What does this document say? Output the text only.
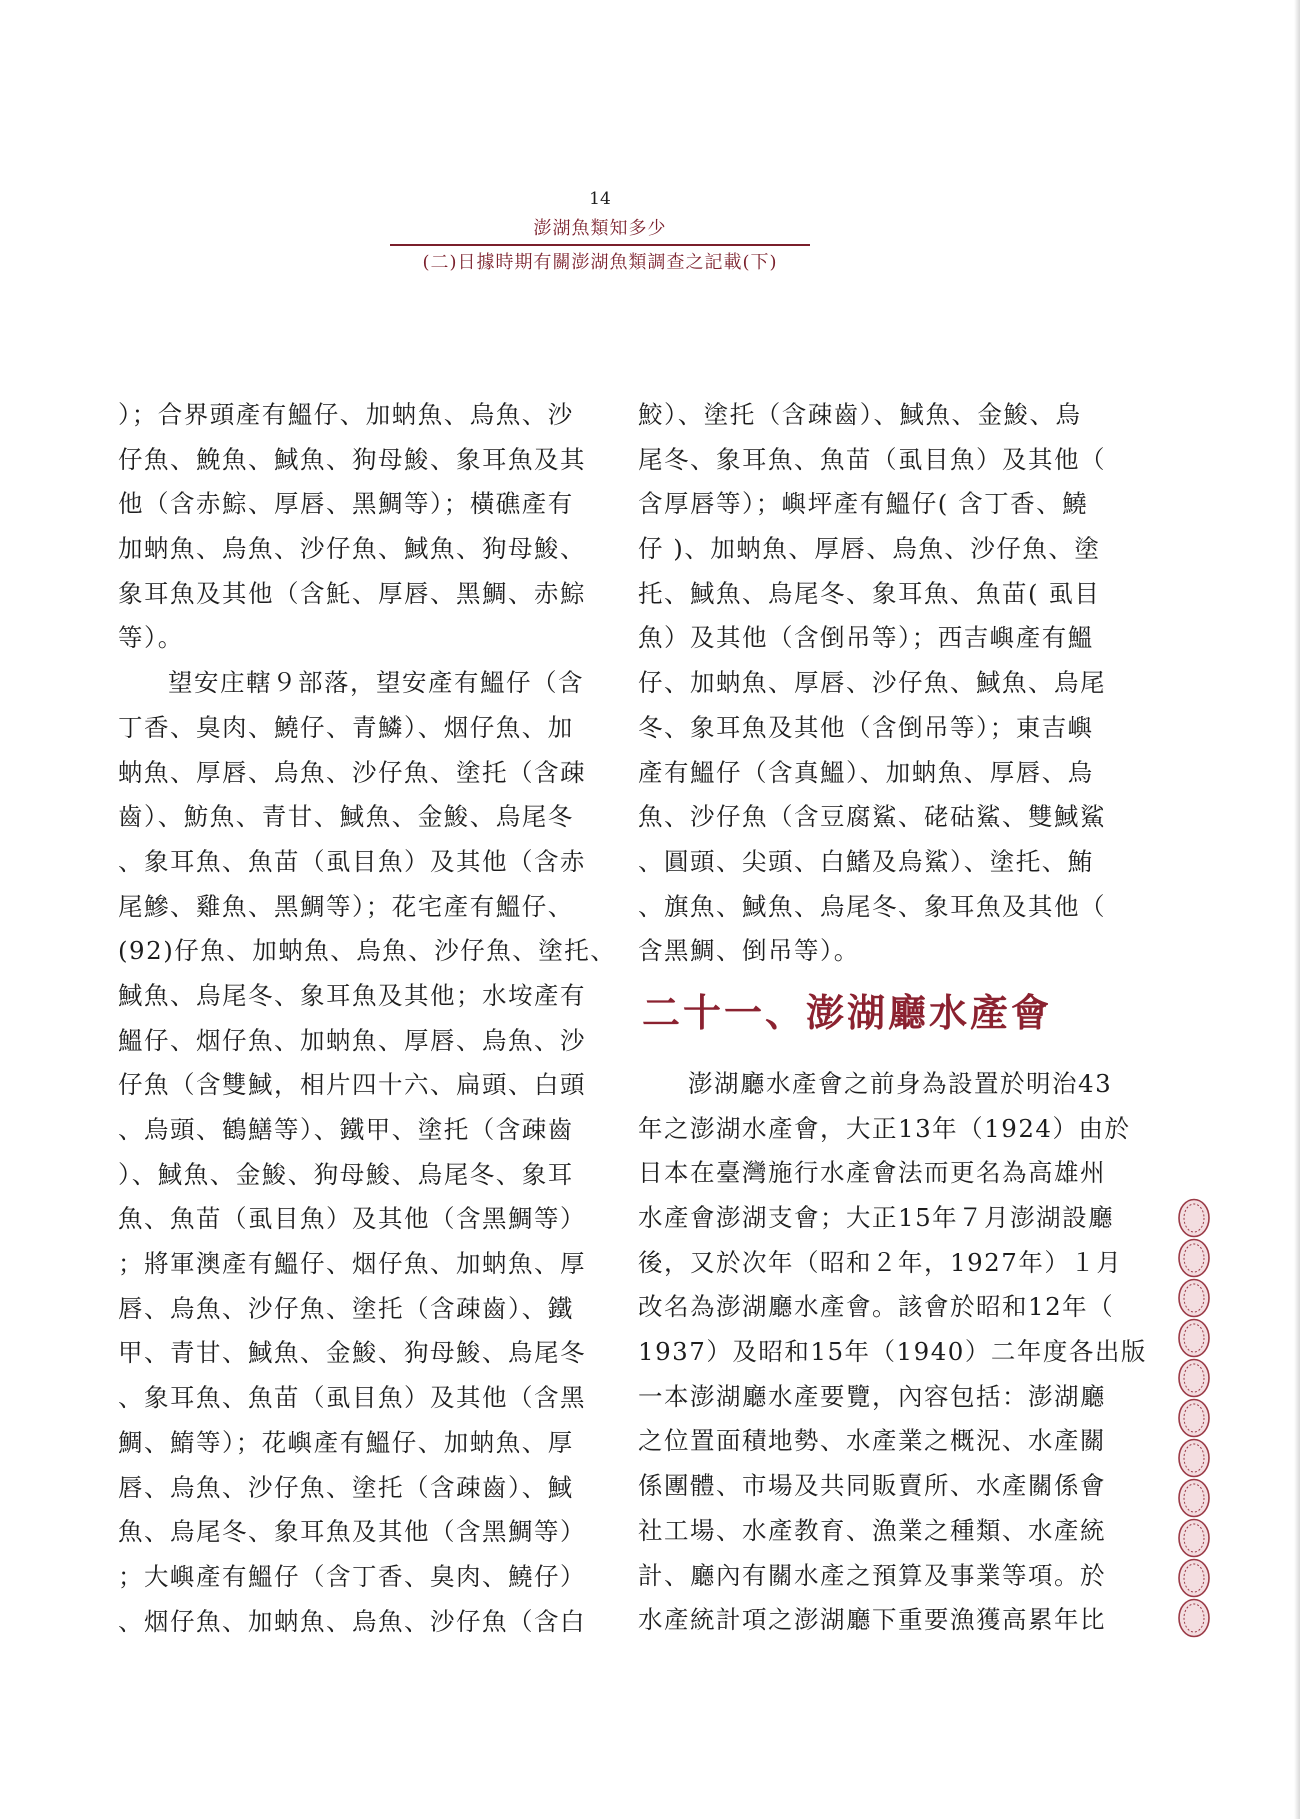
14
澎湖魚類知多少
(二)日據時期有關澎湖魚類調查之記載(下)
）；合界頭產有鰮仔、加蚋魚、烏魚、沙
仔魚、鮸魚、䱛魚、狗母鮻、象耳魚及其
他（含赤鯮、厚唇、黑鯛等）；橫礁產有
加蚋魚、烏魚、沙仔魚、䱛魚、狗母鮻、
象耳魚及其他（含魠、厚唇、黑鯛、赤鯮
等）。
望安庄轄９部落，望安產有鰮仔（含
丁香、臭肉、鱙仔、青鱗）、烟仔魚、加
蚋魚、厚唇、烏魚、沙仔魚、塗托（含疎
齒）、魴魚、青甘、䱛魚、金鮻、烏尾冬
、象耳魚、魚苗（虱目魚）及其他（含赤
尾鰺、雞魚、黑鯛等）；花宅產有鰮仔、
(92)仔魚、加蚋魚、烏魚、沙仔魚、塗托、
䱛魚、烏尾冬、象耳魚及其他；水垵產有
鰮仔、烟仔魚、加蚋魚、厚唇、烏魚、沙
仔魚（含雙䱛，相片四十六、扁頭、白頭
、烏頭、鶴鱔等）、鐵甲、塗托（含疎齒
）、䱛魚、金鮻、狗母鮻、烏尾冬、象耳
魚、魚苗（虱目魚）及其他（含黑鯛等）
；將軍澳產有鰮仔、烟仔魚、加蚋魚、厚
唇、烏魚、沙仔魚、塗托（含疎齒）、鐵
甲、青甘、䱛魚、金鮻、狗母鮻、烏尾冬
、象耳魚、魚苗（虱目魚）及其他（含黑
鯛、鰖等）；花嶼產有鰮仔、加蚋魚、厚
唇、烏魚、沙仔魚、塗托（含疎齒）、䱛
魚、烏尾冬、象耳魚及其他（含黑鯛等）
；大嶼產有鰮仔（含丁香、臭肉、鱙仔）
、烟仔魚、加蚋魚、烏魚、沙仔魚（含白
鮫）、塗托（含疎齒）、䱛魚、金鮻、烏
尾冬、象耳魚、魚苗（虱目魚）及其他（
含厚唇等）；嶼坪產有鰮仔( 含丁香、鱙
仔 )、加蚋魚、厚唇、烏魚、沙仔魚、塗
托、䱛魚、烏尾冬、象耳魚、魚苗( 虱目
魚）及其他（含倒吊等）；西吉嶼產有鰮
仔、加蚋魚、厚唇、沙仔魚、䱛魚、烏尾
冬、象耳魚及其他（含倒吊等）；東吉嶼
產有鰮仔（含真鰮）、加蚋魚、厚唇、烏
魚、沙仔魚（含豆腐鯊、硓𥑮鯊、雙䱛鯊
、圓頭、尖頭、白鰭及烏鯊）、塗托、鮪
、旗魚、䱛魚、烏尾冬、象耳魚及其他（
含黑鯛、倒吊等）。
二十一、澎湖廳水產會
澎湖廳水產會之前身為設置於明治43
年之澎湖水產會，大正13年（1924）由於
日本在臺灣施行水產會法而更名為高雄州
水產會澎湖支會；大正15年７月澎湖設廳
後，又於次年（昭和２年，1927年）１月
改名為澎湖廳水產會。該會於昭和12年（
1937）及昭和15年（1940）二年度各出版
一本澎湖廳水產要覽，內容包括：澎湖廳
之位置面積地勢、水產業之概況、水產關
係團體、市場及共同販賣所、水產關係會
社工場、水產教育、漁業之種類、水產統
計、廳內有關水產之預算及事業等項。於
水產統計項之澎湖廳下重要漁獲高累年比
